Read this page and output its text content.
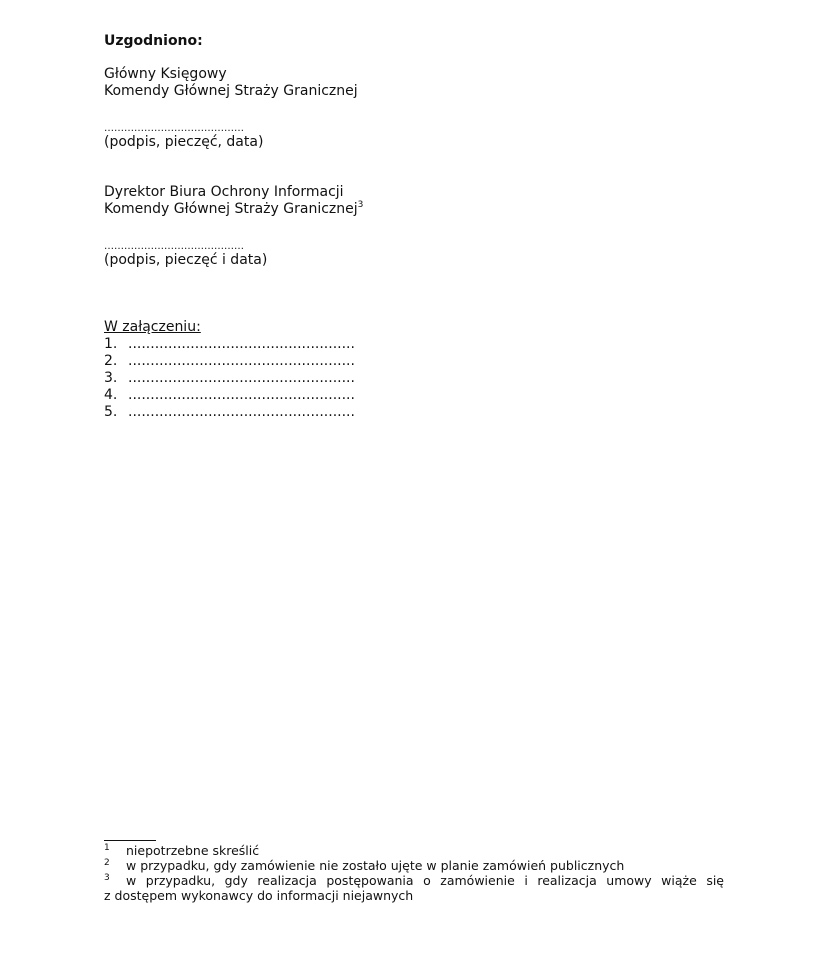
Uzgodniono:
Główny Księgowy
Komendy Głównej Straży Granicznej
……………………………………
(podpis, pieczęć, data)
Dyrektor Biura Ochrony Informacji
Komendy Głównej Straży Granicznej$^3$
……………………………………
(podpis, pieczęć i data)
W załączeniu:
1. ...................................................
2. ...................................................
3. ...................................................
4. ...................................................
5. ...................................................
1 niepotrzebne skreślić
2 w przypadku, gdy zamówienie nie zostało ujęte w planie zamówień publicznych
3 w przypadku, gdy realizacja postępowania o zamówienie i realizacja umowy wiąże się
z dostępem wykonawcy do informacji niejawnych
